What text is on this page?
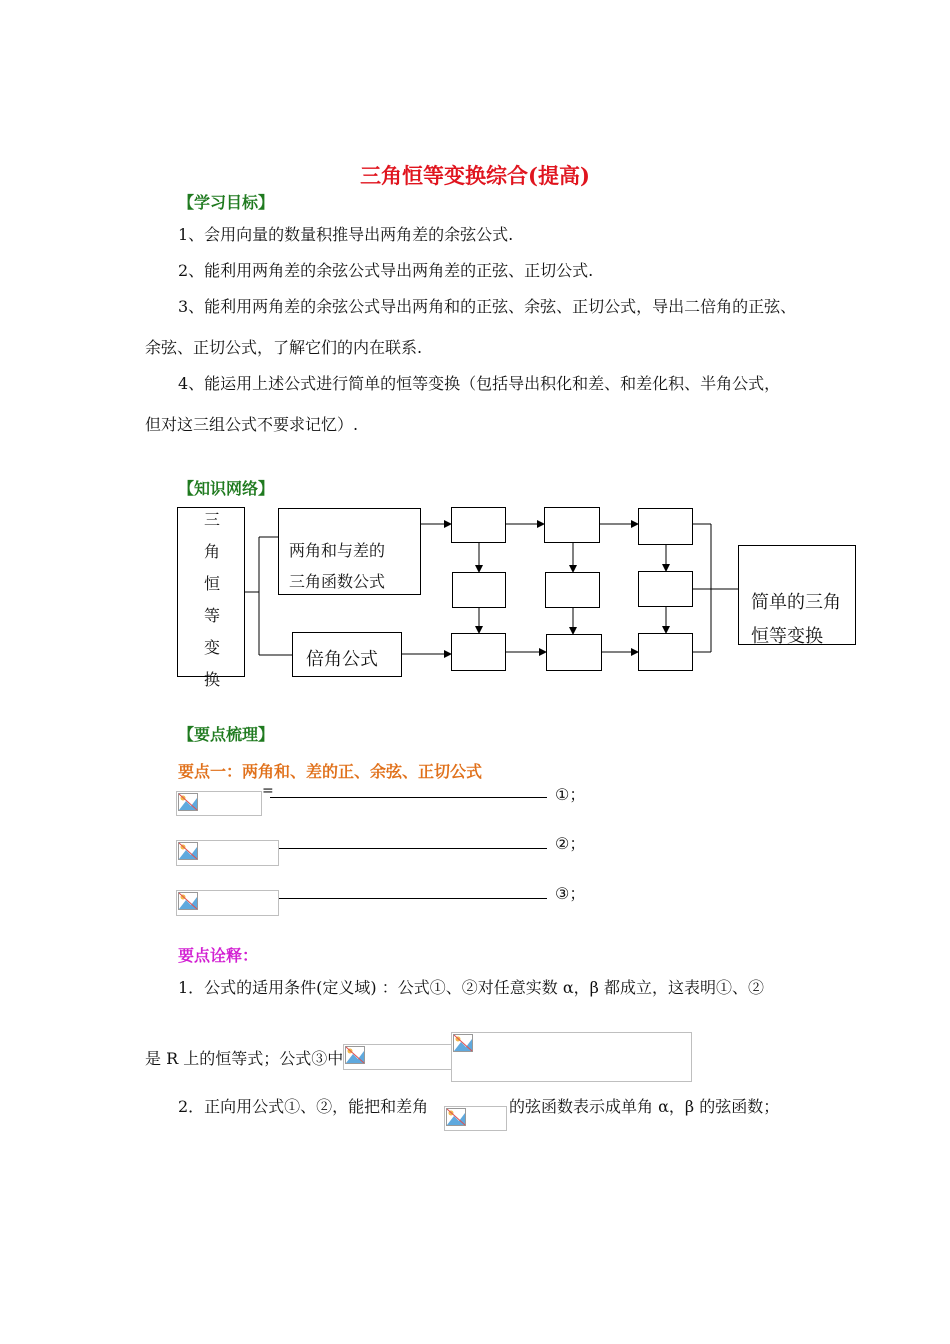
三角恒等变换综合(提高)
【学习目标】
1、会用向量的数量积推导出两角差的余弦公式.
2、能利用两角差的余弦公式导出两角差的正弦、正切公式.
3、能利用两角差的余弦公式导出两角和的正弦、余弦、正切公式，导出二倍角的正弦、
余弦、正切公式，了解它们的内在联系.
4、能运用上述公式进行简单的恒等变换（包括导出积化和差、和差化积、半角公式，
但对这三组公式不要求记忆）.
【知识网络】
三
角
恒
等
变
换
两角和与差的
三角函数公式
倍角公式
简单的三角
恒等变换
【要点梳理】
要点一：两角和、差的正、余弦、正切公式
=	①；
②；
③；
要点诠释：
1．公式的适用条件(定义域) ：公式①、②对任意实数 α，β 都成立，这表明①、②
是 R 上的恒等式；公式③中
2．正向用公式①、②，能把和差角	的弦函数表示成单角 α，β 的弦函数；
